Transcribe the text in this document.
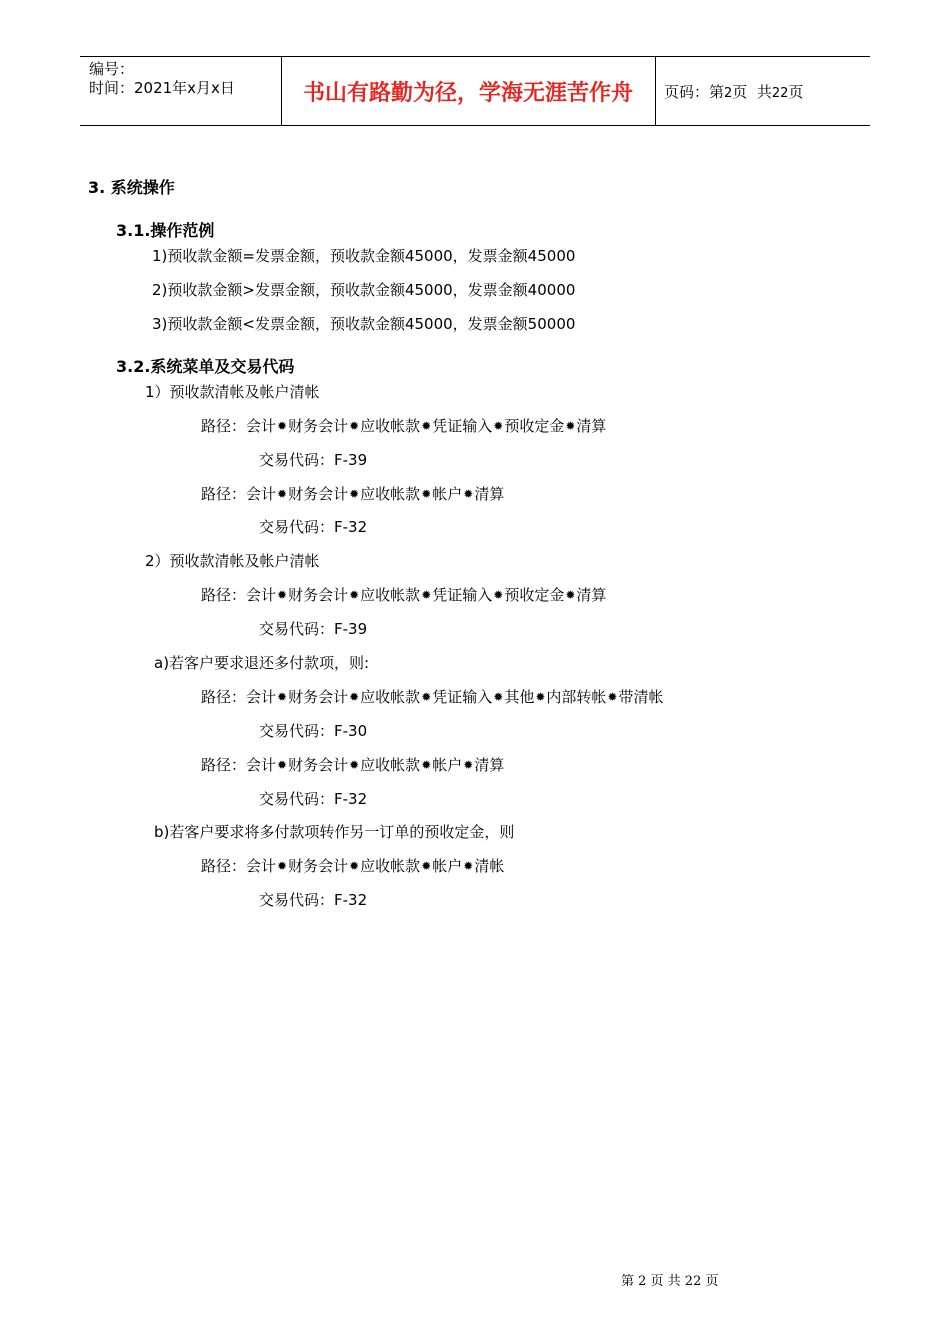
编号：
时间：2021年x月x日	书山有路勤为径，学海无涯苦作舟	页码：第2页  共22页
3. 系统操作
3.1.操作范例
1)预收款金额=发票金额，预收款金额45000，发票金额45000
2)预收款金额>发票金额，预收款金额45000，发票金额40000
3)预收款金额<发票金额，预收款金额45000，发票金额50000
3.2.系统菜单及交易代码
1）预收款清帐及帐户清帐
路径：会计✹财务会计✹应收帐款✹凭证输入✹预收定金✹清算
交易代码：F-39
路径：会计✹财务会计✹应收帐款✹帐户✹清算
交易代码：F-32
2）预收款清帐及帐户清帐
路径：会计✹财务会计✹应收帐款✹凭证输入✹预收定金✹清算
交易代码：F-39
a)若客户要求退还多付款项，则:
路径：会计✹财务会计✹应收帐款✹凭证输入✹其他✹内部转帐✹带清帐
交易代码：F-30
路径：会计✹财务会计✹应收帐款✹帐户✹清算
交易代码：F-32
b)若客户要求将多付款项转作另一订单的预收定金，则
路径：会计✹财务会计✹应收帐款✹帐户✹清帐
交易代码：F-32
第 2 页 共 22 页
